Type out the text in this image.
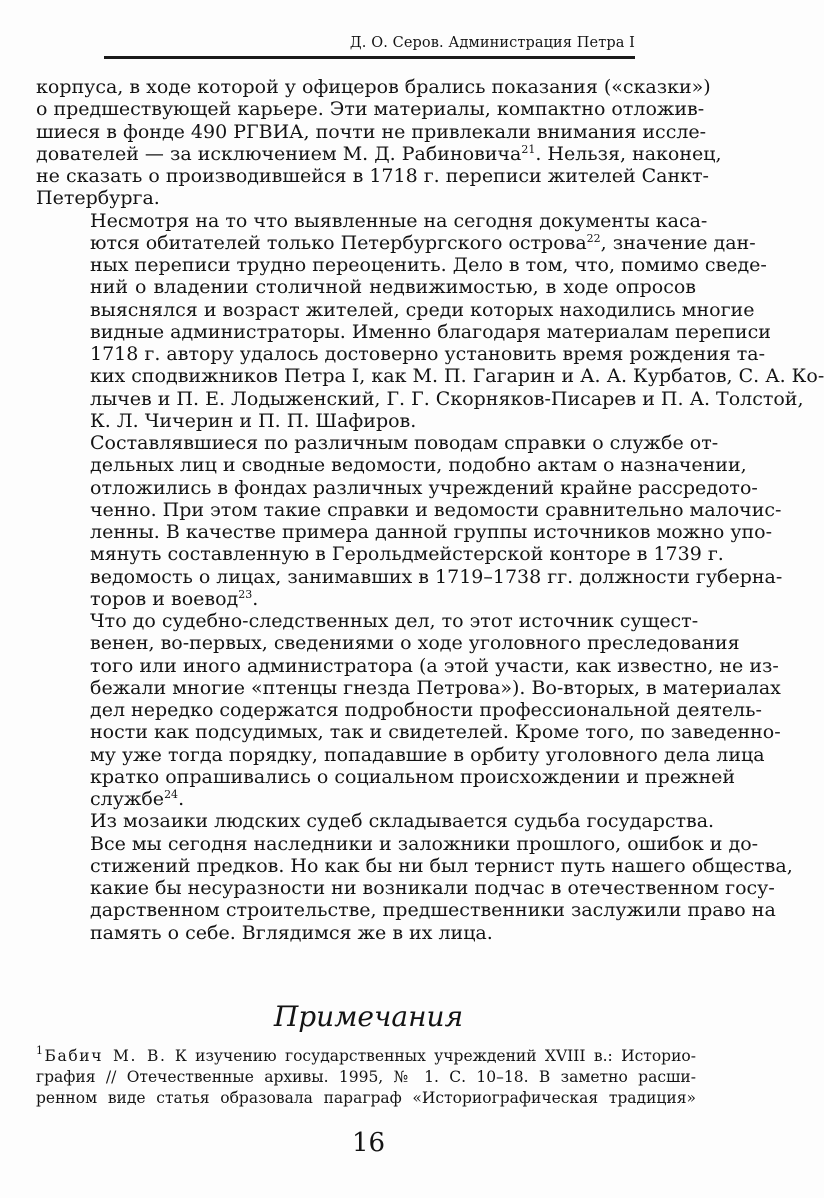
Д. О. Серов. Администрация Петра I

корпуса, в ходе которой у офицеров брались показания («сказки»)
о предшествующей карьере. Эти материалы, компактно отложив-
шиеся в фонде 490 РГВИА, почти не привлекали внимания иссле-
дователей — за исключением М. Д. Рабиновича$^{21}$. Нельзя, наконец,
не сказать о производившейся в 1718 г. переписи жителей Санкт-
Петербурга.

Несмотря на то что выявленные на сегодня документы каса-
ются обитателей только Петербургского острова$^{22}$, значение дан-
ных переписи трудно переоценить. Дело в том, что, помимо сведе-
ний о владении столичной недвижимостью, в ходе опросов
выяснялся и возраст жителей, среди которых находились многие
видные администраторы. Именно благодаря материалам переписи
1718 г. автору удалось достоверно установить время рождения та-
ких сподвижников Петра I, как М. П. Гагарин и А. А. Курбатов, С. А. Ко-
лычев и П. Е. Лодыженский, Г. Г. Скорняков-Писарев и П. А. Толстой,
К. Л. Чичерин и П. П. Шафиров.

Составлявшиеся по различным поводам справки о службе от-
дельных лиц и сводные ведомости, подобно актам о назначении,
отложились в фондах различных учреждений крайне рассредото-
ченно. При этом такие справки и ведомости сравнительно малочис-
ленны. В качестве примера данной группы источников можно упо-
мянуть составленную в Герольдмейстерской конторе в 1739 г.
ведомость о лицах, занимавших в 1719–1738 гг. должности губерна-
торов и воевод$^{23}$.

Что до судебно-следственных дел, то этот источник сущест-
венен, во-первых, сведениями о ходе уголовного преследования
того или иного администратора (а этой участи, как известно, не из-
бежали многие «птенцы гнезда Петрова»). Во-вторых, в материалах
дел нередко содержатся подробности профессиональной деятель-
ности как подсудимых, так и свидетелей. Кроме того, по заведенно-
му уже тогда порядку, попадавшие в орбиту уголовного дела лица
кратко опрашивались о социальном происхождении и прежней
службе$^{24}$.

Из мозаики людских судеб складывается судьба государства.
Все мы сегодня наследники и заложники прошлого, ошибок и до-
стижений предков. Но как бы ни был тернист путь нашего общества,
какие бы несуразности ни возникали подчас в отечественном госу-
дарственном строительстве, предшественники заслужили право на
память о себе. Вглядимся же в их лица.

Примечания
$^1$ Бабич М. В. К изучению государственных учреждений XVIII в.: Историо-
графия // Отечественные архивы. 1995, № 1. С. 10–18. В заметно расши-
ренном виде статья образовала параграф «Историографическая традиция»
16
